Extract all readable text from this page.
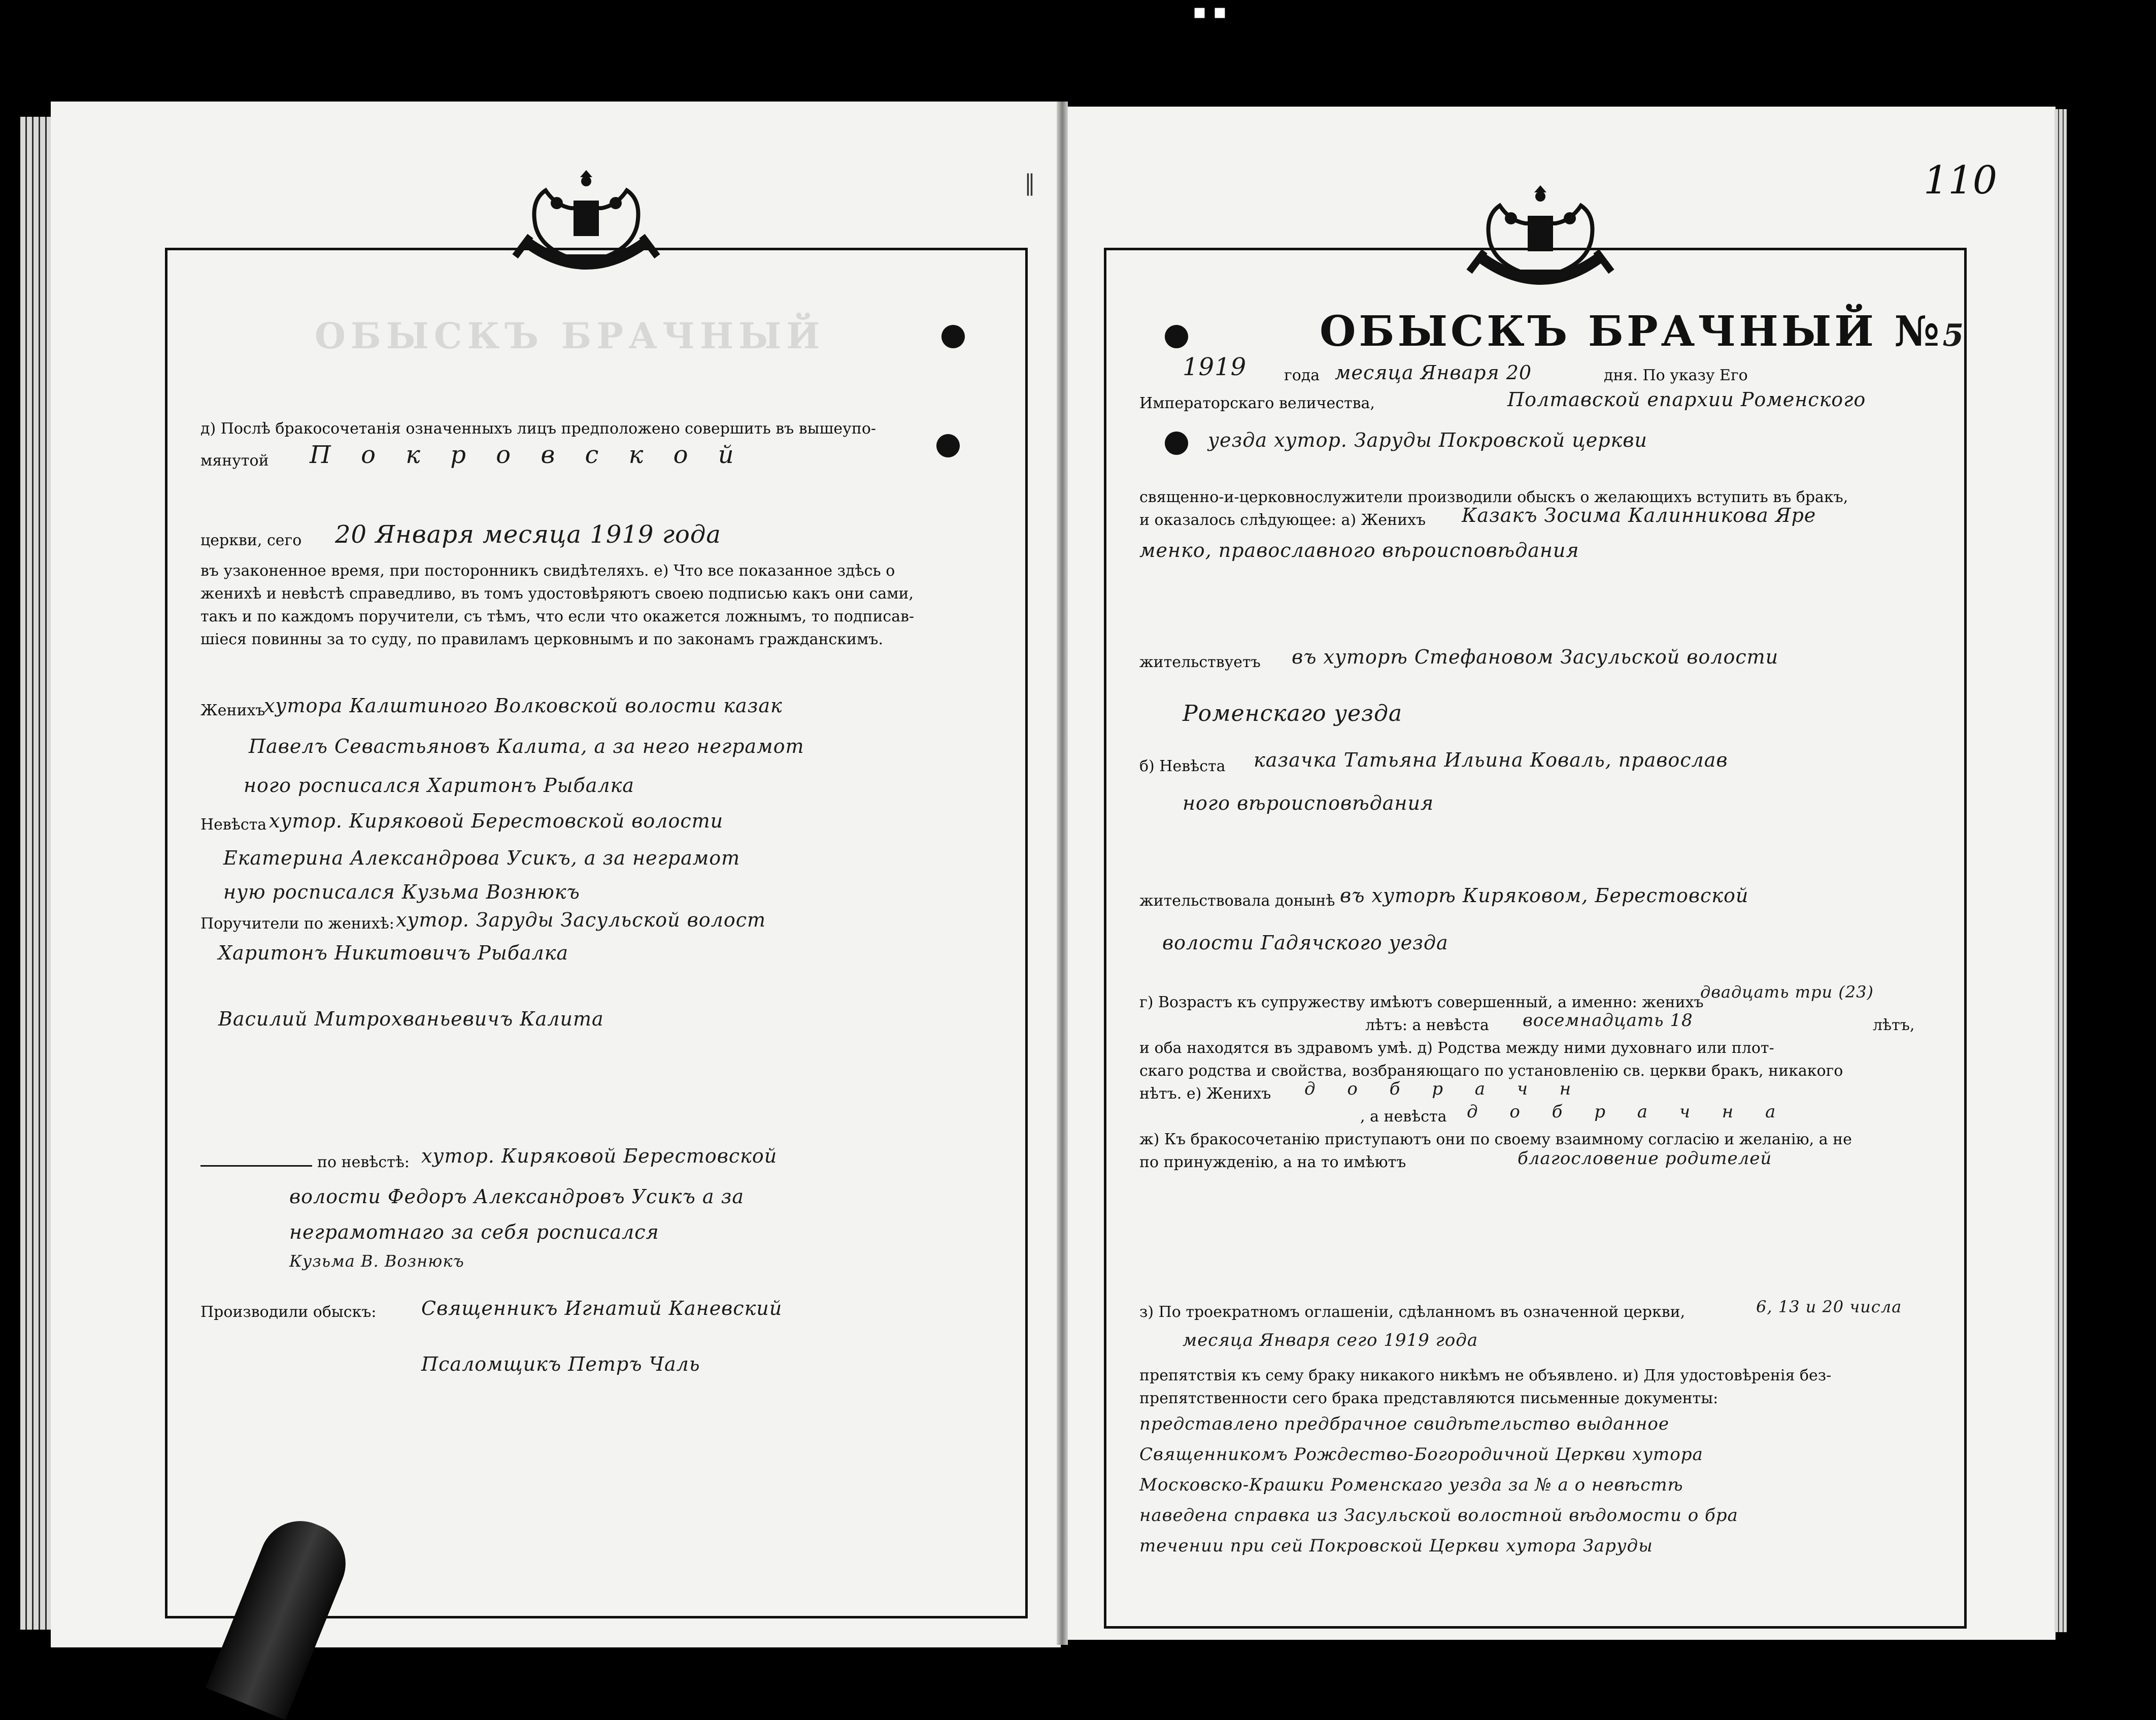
▪ ▪
ОБЫСКЪ БРАЧНЫЙ
‖	110
д) Послѣ бракосочетанія означенныхъ лицъ предположено совершить въ вышеупо-
мянутой П о к р о в с к о й
церкви, сего 20 Января месяца 1919 года
въ узаконенное время, при посторонникъ свидѣтеляхъ. е) Что все показанное здѣсь о
женихѣ и невѣстѣ справедливо, въ томъ удостовѣряютъ своею подписью какъ они сами,
такъ и по каждомъ поручители, съ тѣмъ, что если что окажется ложнымъ, то подписав-
шіеся повинны за то суду, по правиламъ церковнымъ и по законамъ гражданскимъ.
Женихъ
хутора Калштиного Волковской волости казак
Павелъ Севастьяновъ Калита, а за него неграмот
ного росписался Харитонъ Рыбалка
Невѣста хутор. Киряковой Берестовской волости
Екатерина Александрова Усикъ, а за неграмот
ную росписался Кузьма Вознюкъ
Поручители по женихѣ: хутор. Заруды Засульской волост
Харитонъ Никитовичъ Рыбалка
Василий Митрохваньевичъ Калита
по невѣстѣ: хутор. Киряковой Берестовской
волости Федоръ Александровъ Усикъ а за
неграмотнаго за себя росписался
Кузьма В. Вознюкъ
Производили обыскъ: Священникъ Игнатий Каневский
Псаломщикъ Петръ Чаль
ОБЫСКЪ БРАЧНЫЙ №5
1919 года месяца Января 20	дня. По указу Его
Императорскаго величества,	Полтавской епархии Роменского
уезда хутор. Заруды Покровской церкви
священно-и-церковнослужители производили обыскъ о желающихъ вступить въ бракъ,
и оказалось слѣдующее: а) Женихъ Казакъ Зосима Калинникова Яре
менко, православного вѣроисповѣдания
жительствуетъ въ хуторѣ Стефановом Засульской волости
Роменскаго уезда
б) Невѣста казачка Татьяна Ильина Коваль, православ
ного вѣроисповѣдания
жительствовала донынѣ въ хуторѣ Киряковом, Берестовской
волости Гадячского уезда
г) Возрастъ къ супружеству имѣютъ совершенный, а именно: женихъ
двадцать три (23)
лѣтъ: а невѣста восемнадцать 18	лѣтъ,
и оба находятся въ здравомъ умѣ. д) Родства между ними духовнаго или плот-
скаго родства и свойства, возбраняющаго по установленію св. церкви бракъ, никакого
нѣтъ. е) Женихъ д о б р а ч н
, а невѣста д о б р а ч н а
ж) Къ бракосочетанію приступаютъ они по своему взаимному согласію и желанію, а не
по принужденію, а на то имѣютъ	благословение родителей
з) По троекратномъ оглашеніи, сдѣланномъ въ означенной церкви,	6, 13 и 20 числа
месяца Января сего 1919 года
препятствія къ сему браку никакого никѣмъ не объявлено. и) Для удостовѣренія без-
препятственности сего брака представляются письменные документы:
представлено предбрачное свидѣтельство выданное
Священникомъ Рождество-Богородичной Церкви хутора
Московско-Крашки Роменскаго уезда за № а о невѣстѣ
наведена справка из Засульской волостной вѣдомости о бра
течении при сей Покровской Церкви хутора Заруды
